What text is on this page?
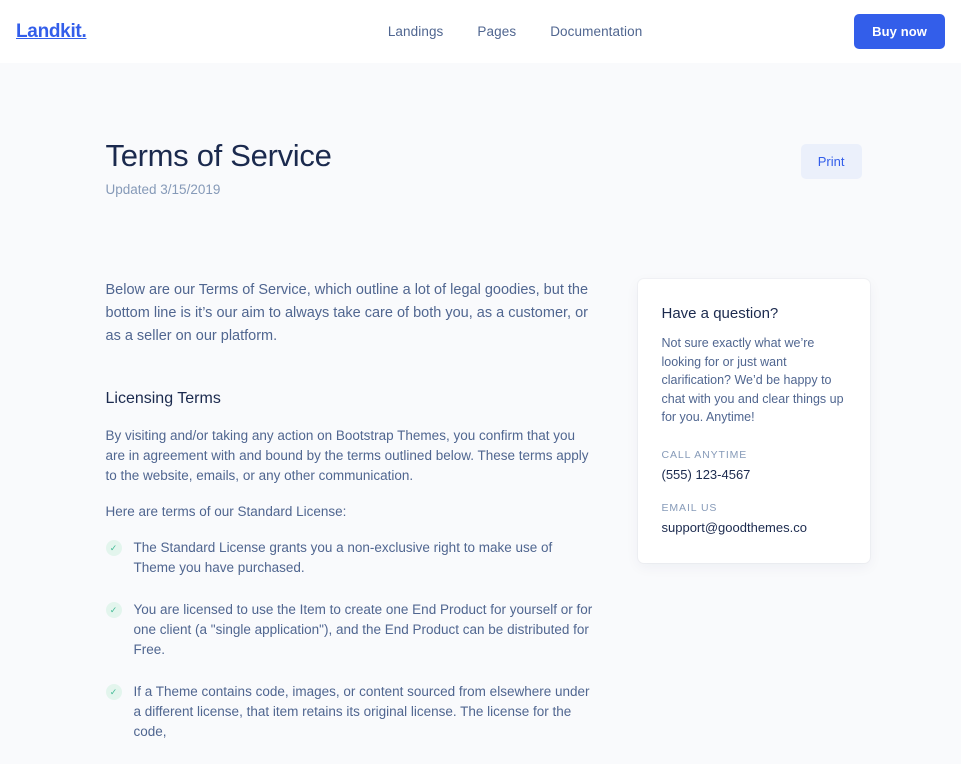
Landkit.	Landings	Pages	Documentation	Buy now
Terms of Service

Updated 3/15/2019

Print

Below are our Terms of Service, which outline a lot of legal goodies, but the bottom line is it’s our aim to always take care of both you, as a customer, or as a seller on our platform.

Licensing Terms

By visiting and/or taking any action on Bootstrap Themes, you confirm that you are in agreement with and bound by the terms outlined below. These terms apply to the website, emails, or any other communication.

Here are terms of our Standard License:

✓	The Standard License grants you a non-exclusive right to make use of Theme you have purchased.
✓	You are licensed to use the Item to create one End Product for yourself or for one client (a "single application"), and the End Product can be distributed for Free.
✓	If a Theme contains code, images, or content sourced from elsewhere under a different license, that item retains its original license. The license for the code,
Have a question?

Not sure exactly what we’re looking for or just want clarification? We’d be happy to chat with you and clear things up for you. Anytime!

CALL ANYTIME

(555) 123-4567

EMAIL US

support@goodthemes.co
